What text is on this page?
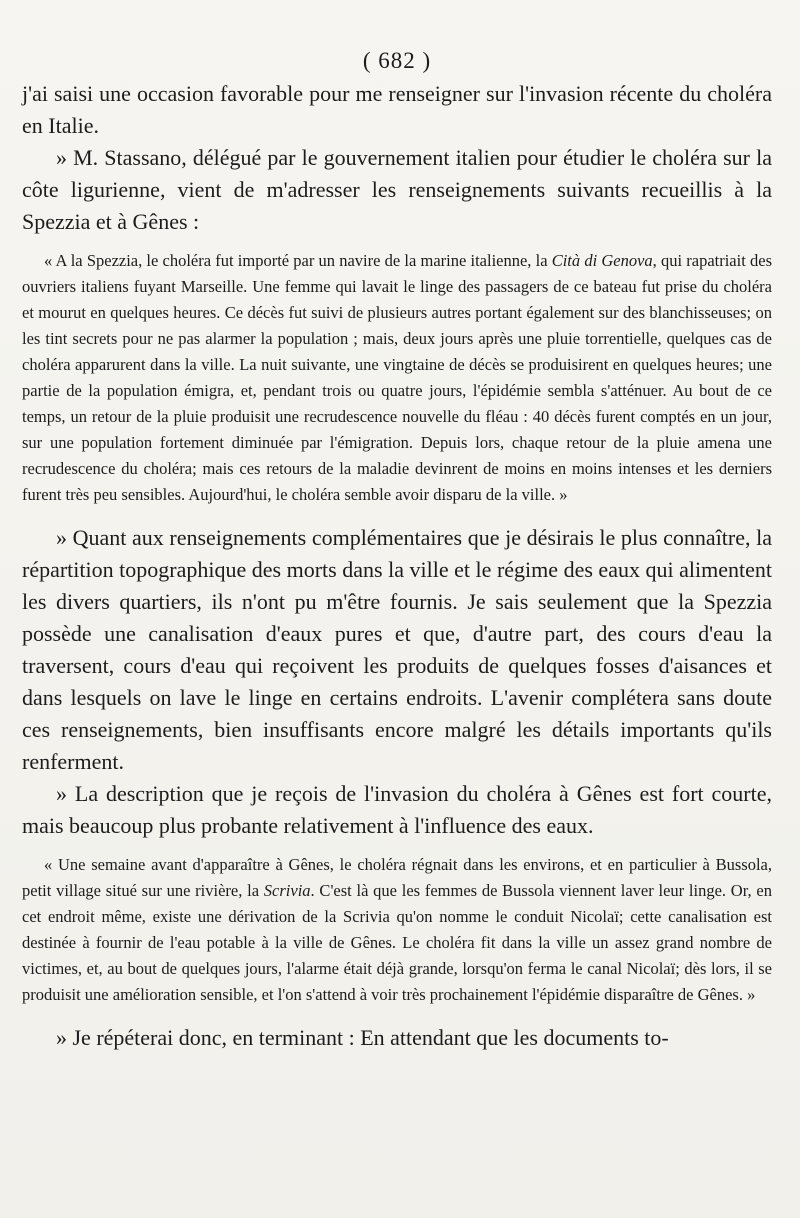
( 682 )

j'ai saisi une occasion favorable pour me renseigner sur l'invasion récente du choléra en Italie.

» M. Stassano, délégué par le gouvernement italien pour étudier le choléra sur la côte ligurienne, vient de m'adresser les renseignements suivants recueillis à la Spezzia et à Gênes :

« A la Spezzia, le choléra fut importé par un navire de la marine italienne, la Cità di Genova, qui rapatriait des ouvriers italiens fuyant Marseille. Une femme qui lavait le linge des passagers de ce bateau fut prise du choléra et mourut en quelques heures. Ce décès fut suivi de plusieurs autres portant également sur des blanchisseuses; on les tint secrets pour ne pas alarmer la population ; mais, deux jours après une pluie torrentielle, quelques cas de choléra apparurent dans la ville. La nuit suivante, une vingtaine de décès se produisirent en quelques heures; une partie de la population émigra, et, pendant trois ou quatre jours, l'épidémie sembla s'atténuer. Au bout de ce temps, un retour de la pluie produisit une recrudescence nouvelle du fléau : 40 décès furent comptés en un jour, sur une population fortement diminuée par l'émigration. Depuis lors, chaque retour de la pluie amena une recrudescence du choléra; mais ces retours de la maladie devinrent de moins en moins intenses et les derniers furent très peu sensibles. Aujourd'hui, le choléra semble avoir disparu de la ville. »

» Quant aux renseignements complémentaires que je désirais le plus connaître, la répartition topographique des morts dans la ville et le régime des eaux qui alimentent les divers quartiers, ils n'ont pu m'être fournis. Je sais seulement que la Spezzia possède une canalisation d'eaux pures et que, d'autre part, des cours d'eau la traversent, cours d'eau qui reçoivent les produits de quelques fosses d'aisances et dans lesquels on lave le linge en certains endroits. L'avenir complétera sans doute ces renseignements, bien insuffisants encore malgré les détails importants qu'ils renferment.

» La description que je reçois de l'invasion du choléra à Gênes est fort courte, mais beaucoup plus probante relativement à l'influence des eaux.

« Une semaine avant d'apparaître à Gênes, le choléra régnait dans les environs, et en particulier à Bussola, petit village situé sur une rivière, la Scrivia. C'est là que les femmes de Bussola viennent laver leur linge. Or, en cet endroit même, existe une dérivation de la Scrivia qu'on nomme le conduit Nicolaï; cette canalisation est destinée à fournir de l'eau potable à la ville de Gênes. Le choléra fit dans la ville un assez grand nombre de victimes, et, au bout de quelques jours, l'alarme était déjà grande, lorsqu'on ferma le canal Nicolaï; dès lors, il se produisit une amélioration sensible, et l'on s'attend à voir très prochainement l'épidémie disparaître de Gênes. »

» Je répéterai donc, en terminant : En attendant que les documents to-
